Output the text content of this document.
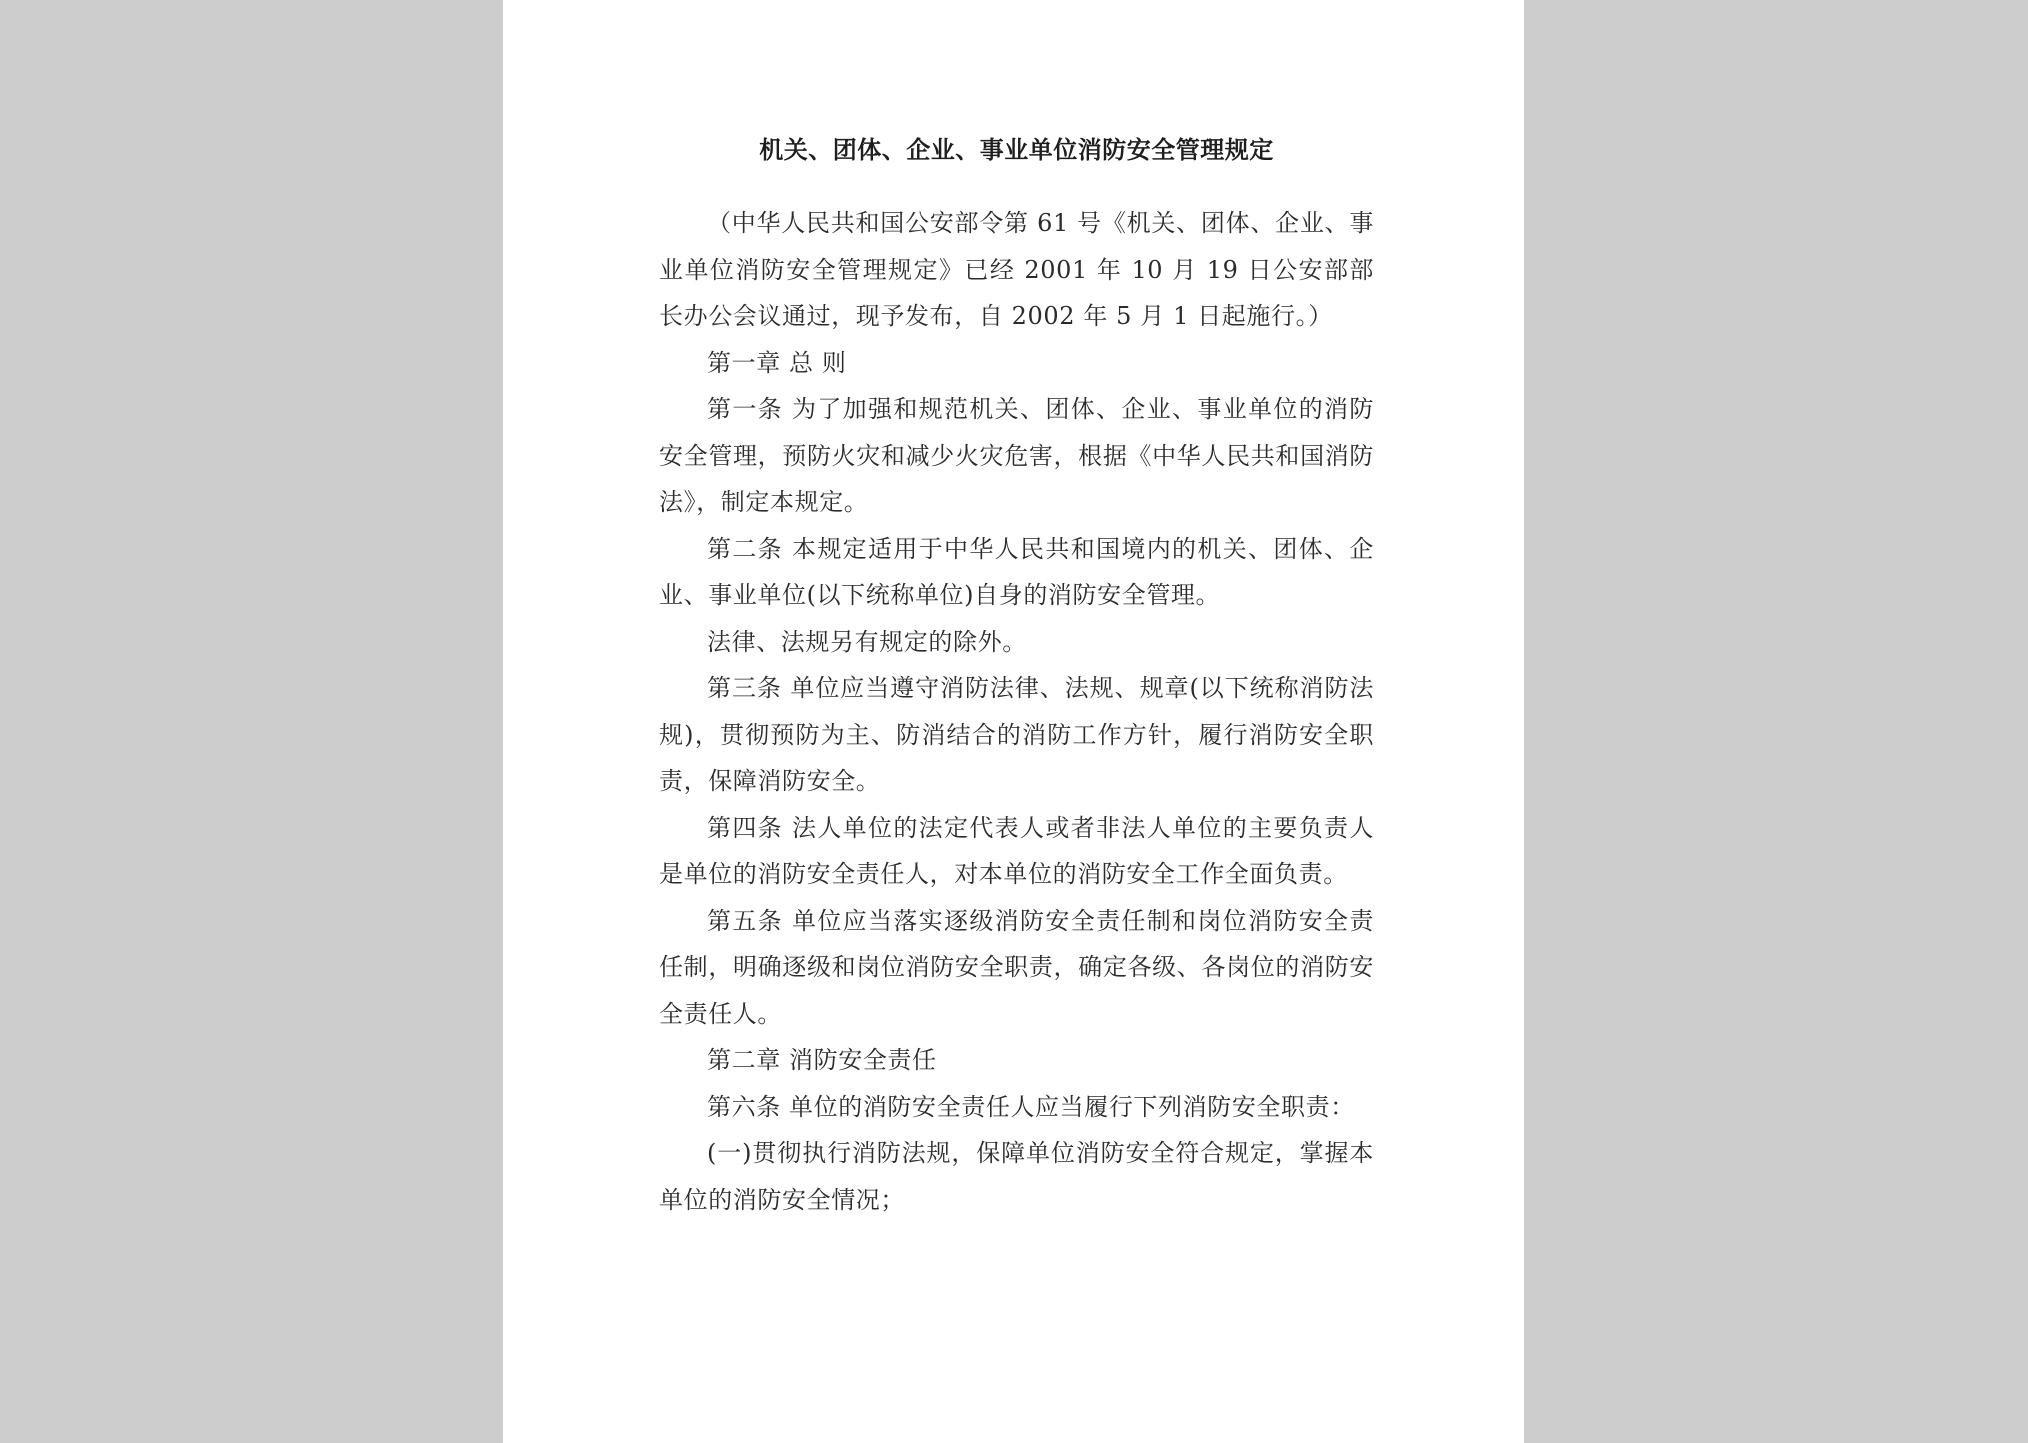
机关、团体、企业、事业单位消防安全管理规定

（中华人民共和国公安部令第 61 号《机关、团体、企业、事业单位消防安全管理规定》已经 2001 年 10 月 19 日公安部部长办公会议通过，现予发布，自 2002 年 5 月 1 日起施行。）

第一章 总 则

第一条 为了加强和规范机关、团体、企业、事业单位的消防安全管理，预防火灾和减少火灾危害，根据《中华人民共和国消防法》，制定本规定。

第二条 本规定适用于中华人民共和国境内的机关、团体、企业、事业单位(以下统称单位)自身的消防安全管理。

法律、法规另有规定的除外。

第三条 单位应当遵守消防法律、法规、规章(以下统称消防法规)，贯彻预防为主、防消结合的消防工作方针，履行消防安全职责，保障消防安全。

第四条 法人单位的法定代表人或者非法人单位的主要负责人是单位的消防安全责任人，对本单位的消防安全工作全面负责。

第五条 单位应当落实逐级消防安全责任制和岗位消防安全责任制，明确逐级和岗位消防安全职责，确定各级、各岗位的消防安全责任人。

第二章 消防安全责任

第六条 单位的消防安全责任人应当履行下列消防安全职责：

(一)贯彻执行消防法规，保障单位消防安全符合规定，掌握本单位的消防安全情况；
